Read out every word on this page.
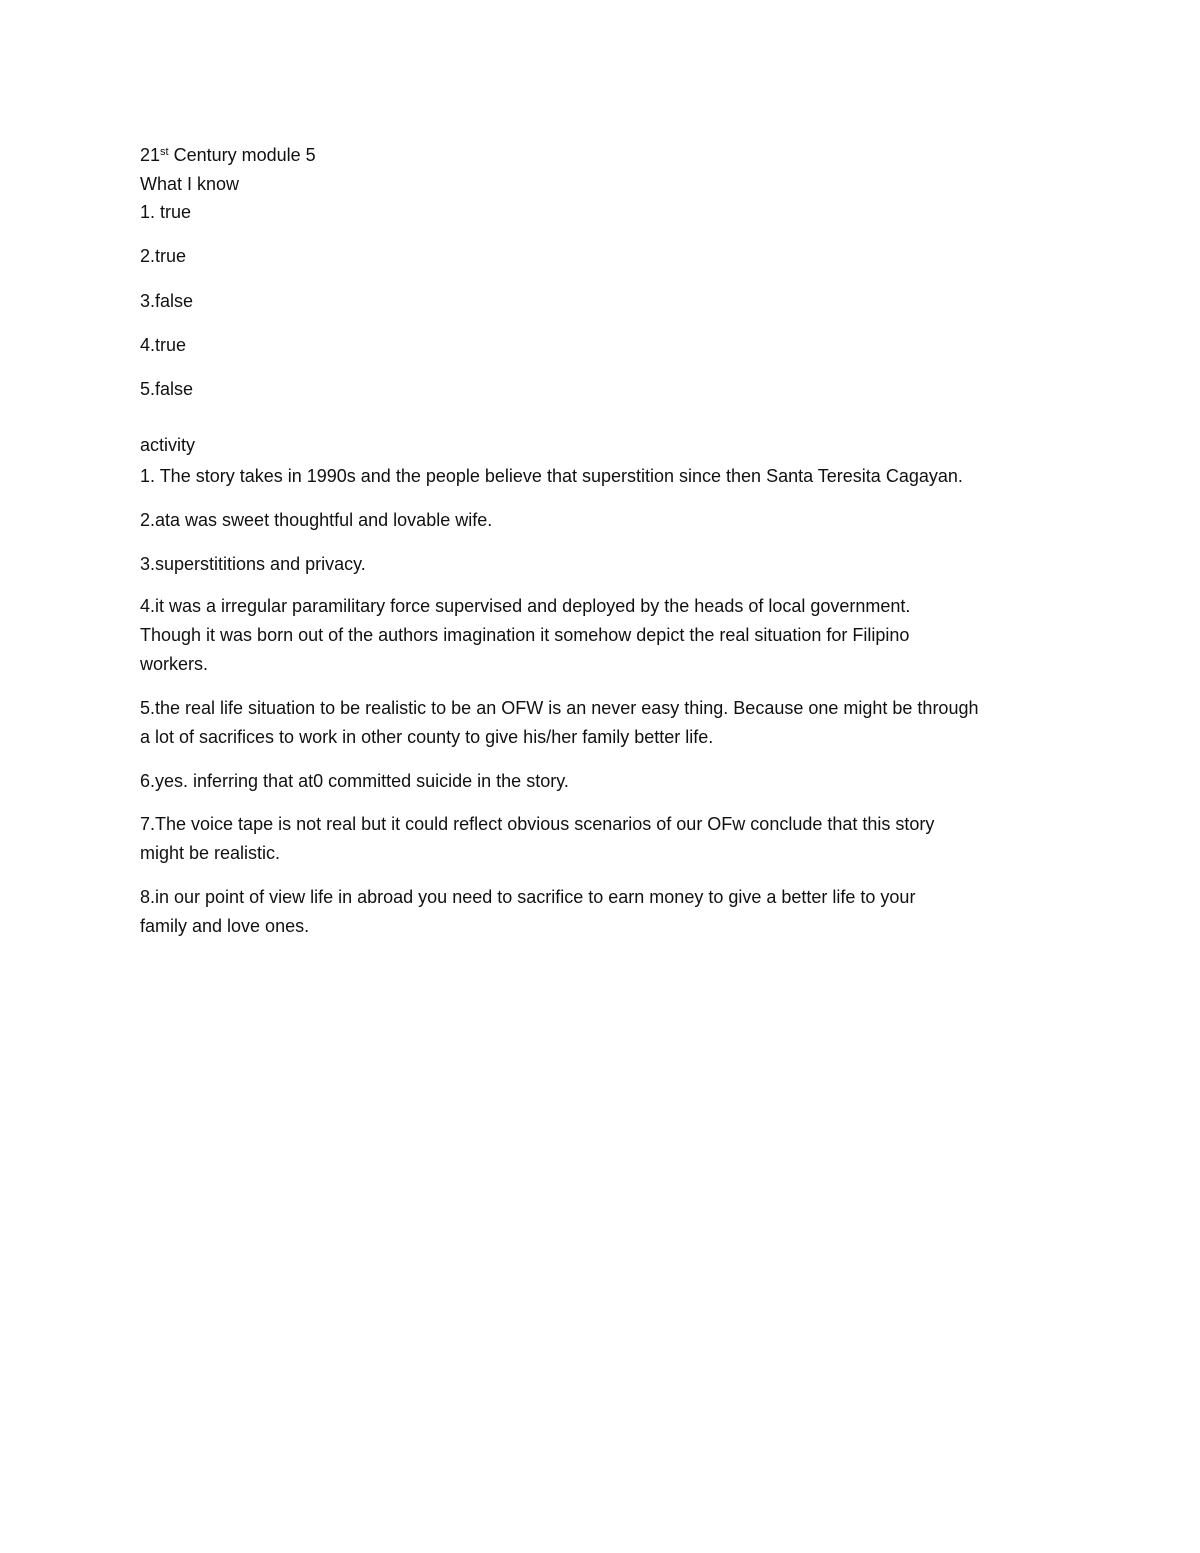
21st Century module 5
What I know
1. true
2.true
3.false
4.true
5.false
activity
1. The story takes in 1990s and the people believe that superstition since then Santa Teresita Cagayan.
2.ata was sweet thoughtful and lovable wife.
3.superstititions and privacy.
4.it was a irregular paramilitary force supervised and deployed by the heads of local government.
Though it was born out of the authors imagination it somehow depict the real situation for Filipino
workers.
5.the real life situation to be realistic to be an OFW is an never easy thing. Because one might be through
a lot of sacrifices to work in other county to give his/her family better life.
6.yes. inferring that at0 committed suicide in the story.
7.The voice tape is not real but it could reflect obvious scenarios of our OFw conclude that this story
might be realistic.
8.in our point of view life in abroad you need to sacrifice to earn money to give a better life to your
family and love ones.
